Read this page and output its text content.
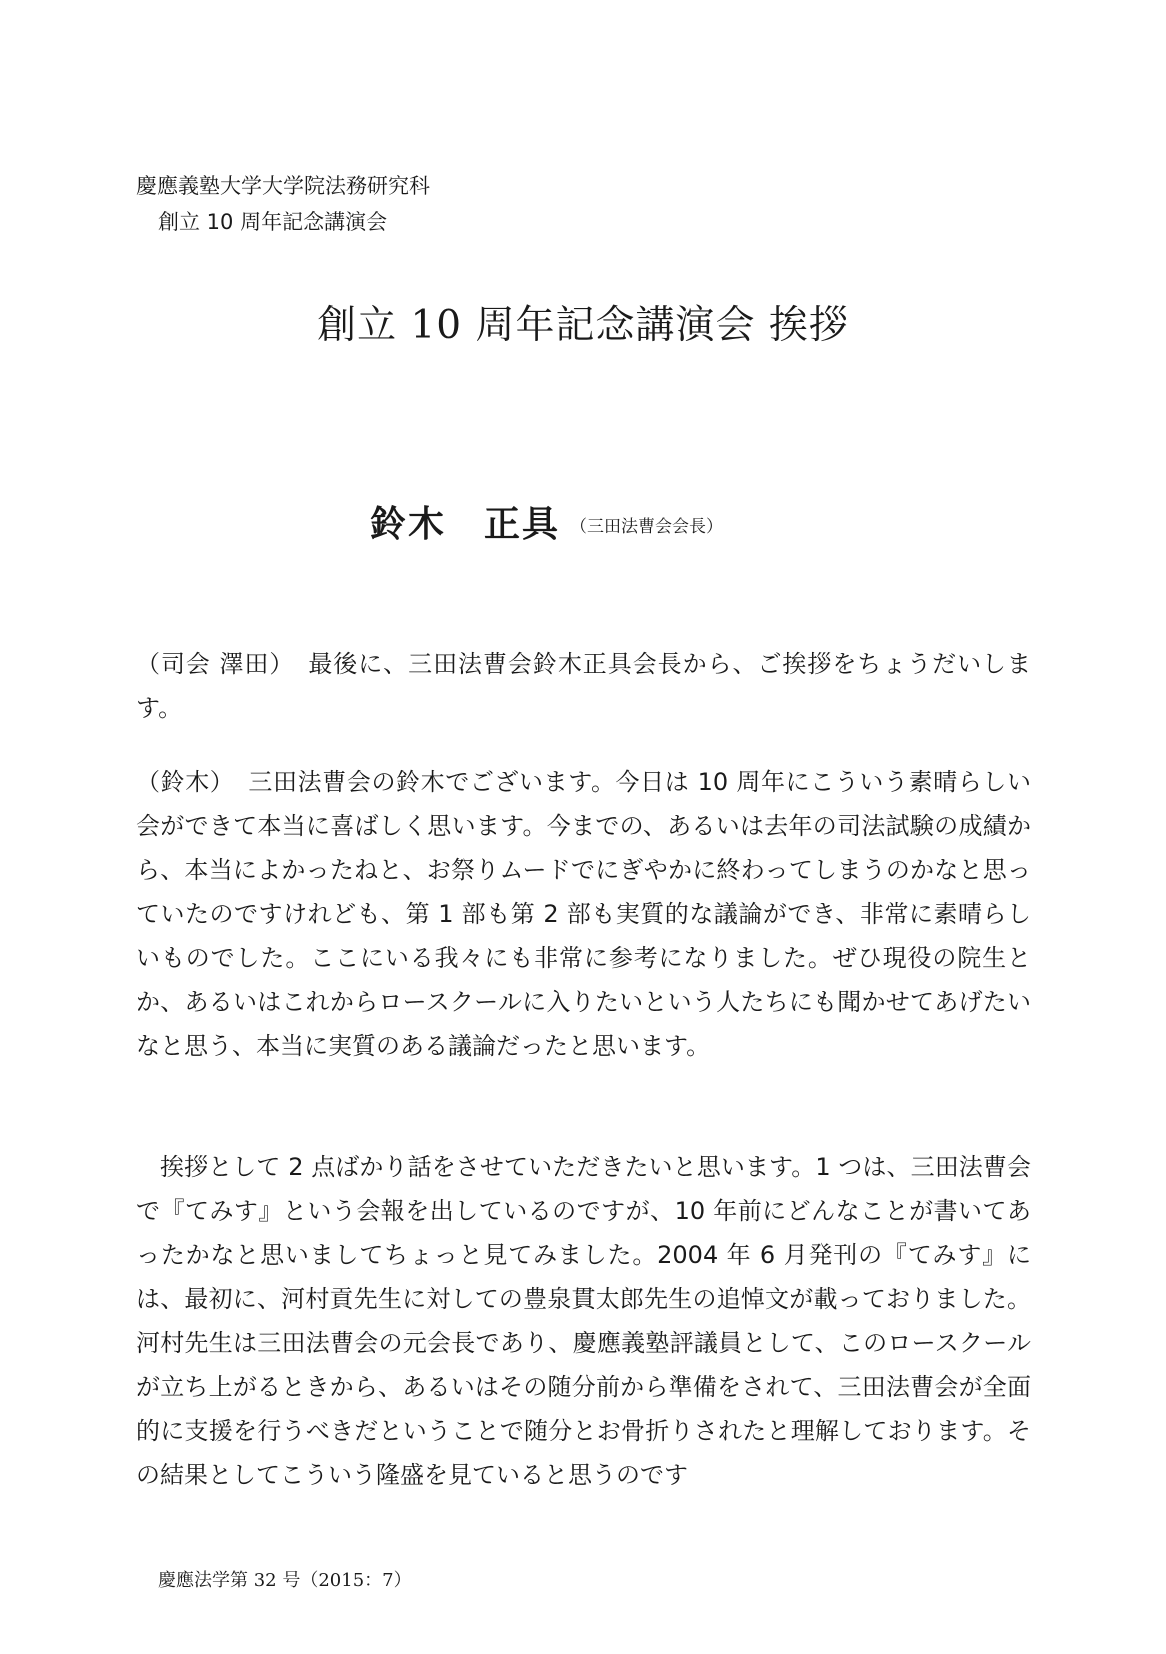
慶應義塾大学大学院法務研究科
創立 10 周年記念講演会
創立 10 周年記念講演会 挨拶
鈴木　正具 （三田法曹会会長）

（司会 澤田） 最後に、三田法曹会鈴木正具会長から、ご挨拶をちょうだいします。

（鈴木） 三田法曹会の鈴木でございます。今日は 10 周年にこういう素晴らしい会ができて本当に喜ばしく思います。今までの、あるいは去年の司法試験の成績から、本当によかったねと、お祭りムードでにぎやかに終わってしまうのかなと思っていたのですけれども、第 1 部も第 2 部も実質的な議論ができ、非常に素晴らしいものでした。ここにいる我々にも非常に参考になりました。ぜひ現役の院生とか、あるいはこれからロースクールに入りたいという人たちにも聞かせてあげたいなと思う、本当に実質のある議論だったと思います。

挨拶として 2 点ばかり話をさせていただきたいと思います。1 つは、三田法曹会で『てみす』という会報を出しているのですが、10 年前にどんなことが書いてあったかなと思いましてちょっと見てみました。2004 年 6 月発刊の『てみす』には、最初に、河村貢先生に対しての豊泉貫太郎先生の追悼文が載っておりました。河村先生は三田法曹会の元会長であり、慶應義塾評議員として、このロースクールが立ち上がるときから、あるいはその随分前から準備をされて、三田法曹会が全面的に支援を行うべきだということで随分とお骨折りされたと理解しております。その結果としてこういう隆盛を見ていると思うのです

慶應法学第 32 号（2015：7）
